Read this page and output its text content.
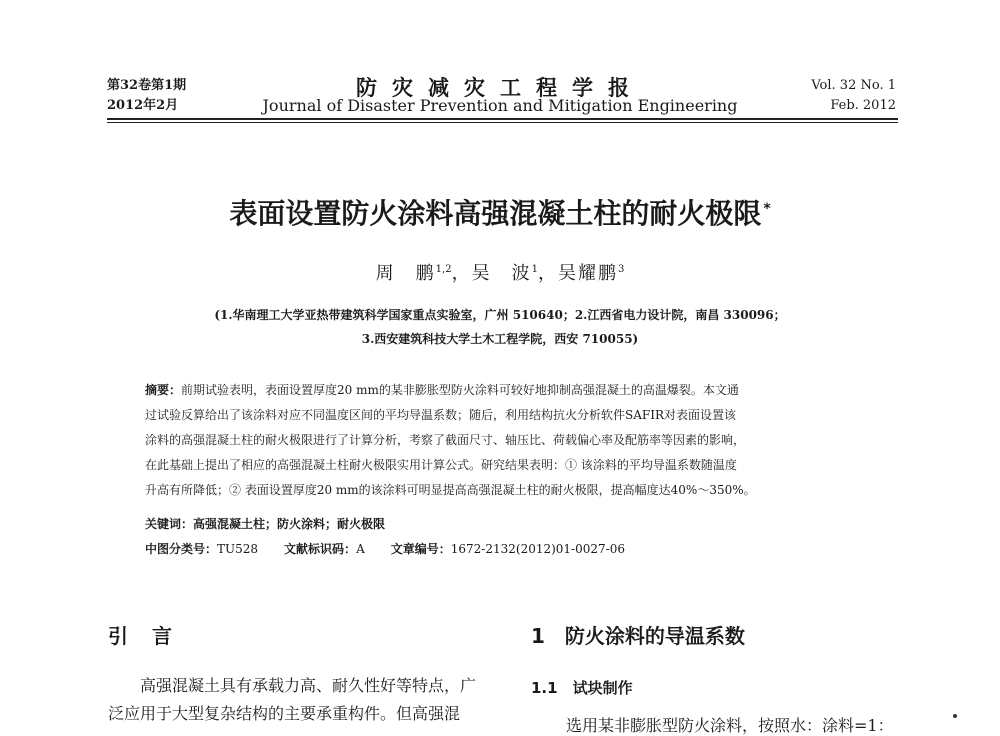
第32卷第1期
2012年2月
防灾减灾工程学报
Journal of Disaster Prevention and Mitigation Engineering
Vol. 32 No. 1
Feb. 2012
表面设置防火涂料高强混凝土柱的耐火极限 *
周　鹏$^{1,2}$，吴　波$^1$，吴耀鹏$^3$
(1.华南理工大学亚热带建筑科学国家重点实验室，广州 510640；2.江西省电力设计院，南昌 330096；
3.西安建筑科技大学土木工程学院，西安 710055)
摘要：前期试验表明，表面设置厚度20 mm的某非膨胀型防火涂料可较好地抑制高强混凝土的高温爆裂。本文通
过试验反算给出了该涂料对应不同温度区间的平均导温系数；随后，利用结构抗火分析软件SAFIR对表面设置该
涂料的高强混凝土柱的耐火极限进行了计算分析，考察了截面尺寸、轴压比、荷载偏心率及配筋率等因素的影响，
在此基础上提出了相应的高强混凝土柱耐火极限实用计算公式。研究结果表明：① 该涂料的平均导温系数随温度
升高有所降低；② 表面设置厚度20 mm的该涂料可明显提高高强混凝土柱的耐火极限，提高幅度达40%～350%。
关键词：高强混凝土柱；防火涂料；耐火极限
中图分类号：TU528 文献标识码：A 文章编号：1672-2132(2012)01-0027-06
引　言
高强混凝土具有承载力高、耐久性好等特点，广
泛应用于大型复杂结构的主要承重构件。但高强混
1　防火涂料的导温系数
1.1　试块制作
选用某非膨胀型防火涂料，按照水：涂料=1：
